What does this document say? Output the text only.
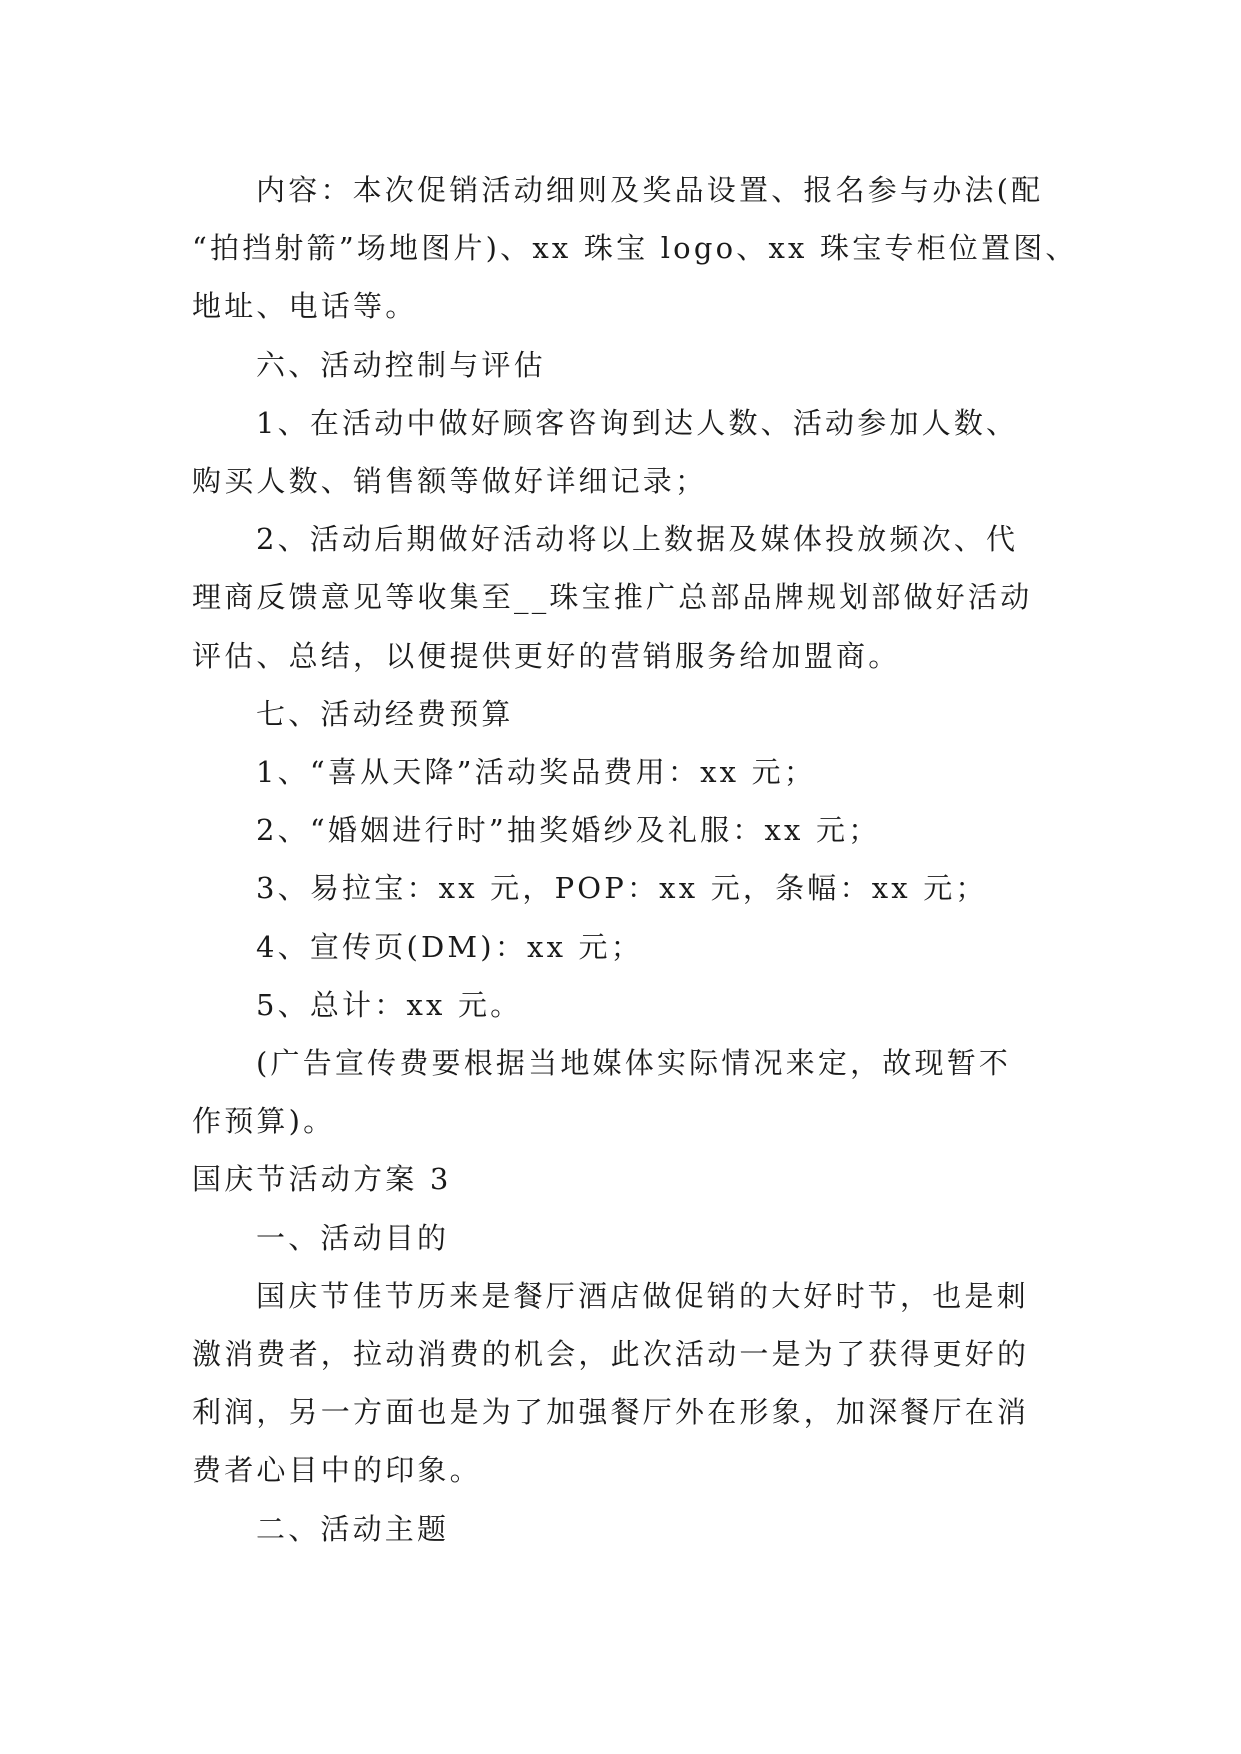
内容：本次促销活动细则及奖品设置、报名参与办法(配

“拍挡射箭”场地图片)、xx 珠宝 logo、xx 珠宝专柜位置图、

地址、电话等。

六、活动控制与评估

1、在活动中做好顾客咨询到达人数、活动参加人数、

购买人数、销售额等做好详细记录；

2、活动后期做好活动将以上数据及媒体投放频次、代

理商反馈意见等收集至__珠宝推广总部品牌规划部做好活动

评估、总结，以便提供更好的营销服务给加盟商。

七、活动经费预算

1、“喜从天降”活动奖品费用：xx 元；

2、“婚姻进行时”抽奖婚纱及礼服：xx 元；

3、易拉宝：xx 元，POP：xx 元，条幅：xx 元；

4、宣传页(DM)：xx 元；

5、总计：xx 元。

(广告宣传费要根据当地媒体实际情况来定，故现暂不

作预算)。

国庆节活动方案 3

一、活动目的

国庆节佳节历来是餐厅酒店做促销的大好时节，也是刺

激消费者，拉动消费的机会，此次活动一是为了获得更好的

利润，另一方面也是为了加强餐厅外在形象，加深餐厅在消

费者心目中的印象。

二、活动主题
